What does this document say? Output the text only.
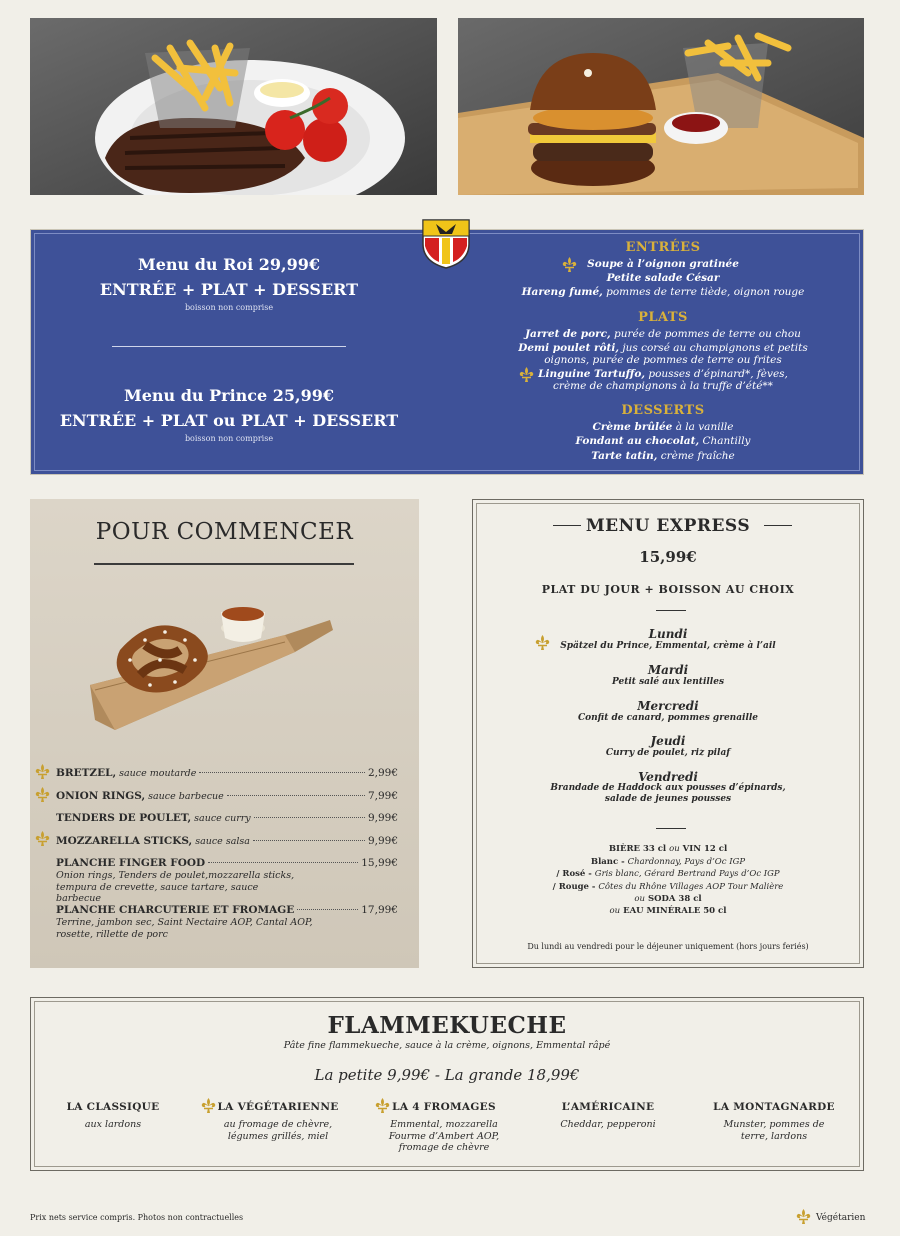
Menu du Roi 29,99€
ENTRÉE + PLAT + DESSERT
boisson non comprise
Menu du Prince 25,99€
ENTRÉE + PLAT ou PLAT + DESSERT
boisson non comprise
ENTRÉES
Soupe à l’oignon gratinée
Petite salade César
Hareng fumé, pommes de terre tiède, oignon rouge
PLATS
Jarret de porc, purée de pommes de terre ou chou
Demi poulet rôti, jus corsé au champignons et petits
oignons, purée de pommes de terre ou frites
Linguine Tartuffo, pousses d’épinard*, fèves,
crème de champignons à la truffe d’été**
DESSERTS
Crème brûlée à la vanille
Fondant au chocolat, Chantilly
Tarte tatin, crème fraîche
POUR COMMENCER
BRETZEL, sauce moutarde	2,99€
ONION RINGS, sauce barbecue	7,99€
TENDERS DE POULET, sauce curry	9,99€
MOZZARELLA STICKS, sauce salsa	9,99€
PLANCHE FINGER FOOD	15,99€
Onion rings, Tenders de poulet,mozzarella sticks, tempura de crevette, sauce tartare, sauce barbecue
PLANCHE CHARCUTERIE ET FROMAGE	17,99€
Terrine, jambon sec, Saint Nectaire AOP, Cantal AOP, rosette, rillette de porc
MENU EXPRESS
15,99€
PLAT DU JOUR + BOISSON AU CHOIX
Lundi
Spätzel du Prince, Emmental, crème à l’ail
Mardi
Petit salé aux lentilles
Mercredi
Confit de canard, pommes grenaille
Jeudi
Curry de poulet, riz pilaf
Vendredi
Brandade de Haddock aux pousses d’épinards,
salade de jeunes pousses
BIÈRE 33 cl ou VIN 12 cl
Blanc - Chardonnay, Pays d’Oc IGP
/ Rosé - Gris blanc, Gérard Bertrand Pays d’Oc IGP
/ Rouge - Côtes du Rhône Villages AOP Tour Malière
ou SODA 38 cl
ou EAU MINÉRALE 50 cl
Du lundi au vendredi pour le déjeuner uniquement (hors jours feriés)
FLAMMEKUECHE
Pâte fine flammekueche, sauce à la crème, oignons, Emmental râpé
La petite 9,99€ - La grande 18,99€
LA CLASSIQUE
aux lardons
LA VÉGÉTARIENNE
au fromage de chèvre, légumes grillés, miel
LA 4 FROMAGES
Emmental, mozzarella Fourme d’Ambert AOP, fromage de chèvre
L’AMÉRICAINE
Cheddar, pepperoni
LA MONTAGNARDE
Munster, pommes de terre, lardons
Prix nets service compris. Photos non contractuelles	Végétarien
